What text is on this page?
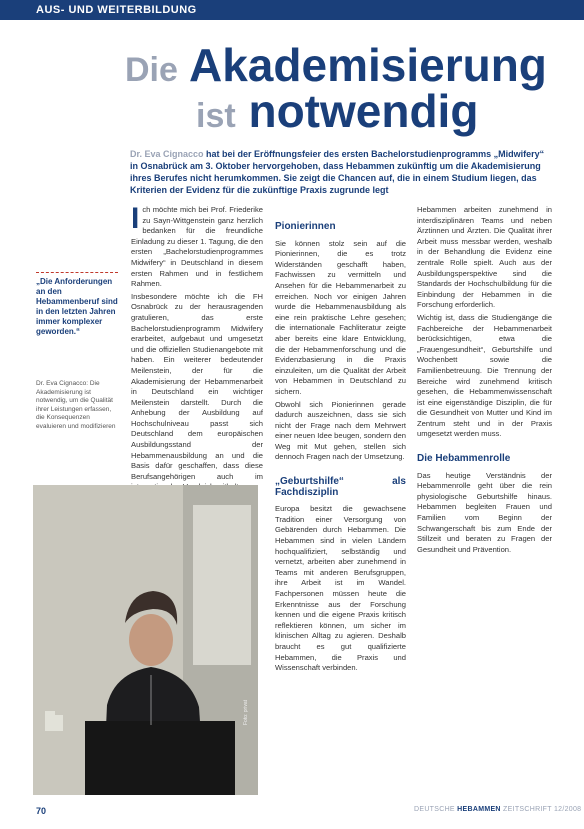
AUS- UND WEITERBILDUNG
Die Akademisierung
ist notwendig
Dr. Eva Cignacco hat bei der Eröffnungsfeier des ersten Bachelorstudienprogramms „Midwifery“ in Osnabrück am 3. Oktober hervorgehoben, dass Hebammen zukünftig um die Akademisierung ihres Berufes nicht herumkommen. Sie zeigt die Chancen auf, die in einem Studium liegen, das Kriterien der Evidenz für die zukünftige Praxis zugrunde legt
„Die Anforderungen an den Hebammenberuf sind in den letzten Jahren immer komplexer geworden.“
Dr. Eva Cignacco: Die Akademisierung ist notwendig, um die Qualität ihrer Leistungen erfassen, die Konsequenzen evaluieren und modifizieren
I ch möchte mich bei Prof. Friederike zu Sayn-Wittgenstein ganz herzlich bedanken für die freundliche Einladung zu dieser 1. Tagung, die den ersten „Bachelorstudienprogrammes Midwifery“ in Deutschland in diesem ersten Rahmen und in festlichem Rahmen.

Insbesondere möchte ich die FH Osnabrück zu der herausragenden gratulieren, das erste Bachelorstudienprogramm Midwifery erarbeitet, aufgebaut und umgesetzt und die offiziellen Studienangebote mit haben. Ein weiterer bedeutender Meilenstein, der für die Akademisierung der Hebammenarbeit in Deutschland ein wichtiger Meilenstein darstellt. Durch die Anhebung der Ausbildung auf Hochschulniveau passt sich Deutschland dem europäischen Ausbildungsstand der Hebammenausbildung an und die Basis dafür geschaffen, dass diese Berufsangehörigen auch im

Pionierinnen

Sie können stolz sein auf die Pionierinnen, die es trotz Widerständen geschafft haben, Fachwissen zu vermitteln und Ansehen für die Hebammenarbeit zu erreichen. Noch vor einigen Jahren wurde die Hebammenausbildung als eine rein praktische Lehre gesehen; die internationale Fachliteratur zeigte aber bereits eine klare Entwicklung, die der Hebammenforschung und die Evidenzbasierung in die Praxis einzuleiten, um die Qualität der Arbeit von Hebammen in Deutschland zu sichern.

Obwohl sich Pionierinnen gerade dadurch auszeichnen, dass sie sich nicht der Frage nach dem Mehrwert einer neuen Idee beugen, sondern den Weg mit Mut gehen, stellen sich dennoch Fragen nach der Umsetzung.

„Geburtshilfe“ als Fachdisziplin

Europa besitzt die gewachsene Tradition einer Versorgung von Gebärenden durch Hebammen. Die Hebammen sind in vielen Ländern hochqualifiziert, selbständig und vernetzt, arbeiten aber zunehmend in Teams mit anderen Berufsgruppen, ihre Arbeit ist im Wandel. Fachpersonen müssen heute die Erkenntnisse aus der Forschung kennen und die eigene Praxis kritisch reflektieren können, um sicher im klinischen Alltag zu agieren. Deshalb braucht es gut qualifizierte Hebammen, die Praxis und Wissenschaft verbinden.

Hebammen arbeiten zunehmend in interdisziplinären Teams und neben Ärztinnen und Ärzten. Die Qualität ihrer Arbeit muss messbar werden, weshalb in der Behandlung die Evidenz eine zentrale Rolle spielt. Auch aus der Ausbildungsperspektive sind die Standards der Hochschulbildung für die Einbindung der Hebammen in die Forschung erforderlich.

Wichtig ist, dass die Studiengänge die Fachbereiche der Hebammenarbeit berücksichtigen, etwa die „Frauengesundheit“, Geburtshilfe und Wochenbett sowie die Familienbetreuung. Die Trennung der Bereiche wird zunehmend kritisch gesehen, die Hebammenwissenschaft ist eine eigenständige Disziplin, die für die Gesundheit von Mutter und Kind im Zentrum steht und in der Praxis umgesetzt werden muss.

Die Hebammenrolle

Das heutige Verständnis der Hebammenrolle geht über die rein physiologische Geburtshilfe hinaus. Hebammen begleiten Frauen und Familien vom Beginn der Schwangerschaft bis zum Ende der Stillzeit und beraten zu Fragen der Gesundheit und Prävention.

Foto: privat
70	DEUTSCHE HEBAMMEN ZEITSCHRIFT 12/2008
